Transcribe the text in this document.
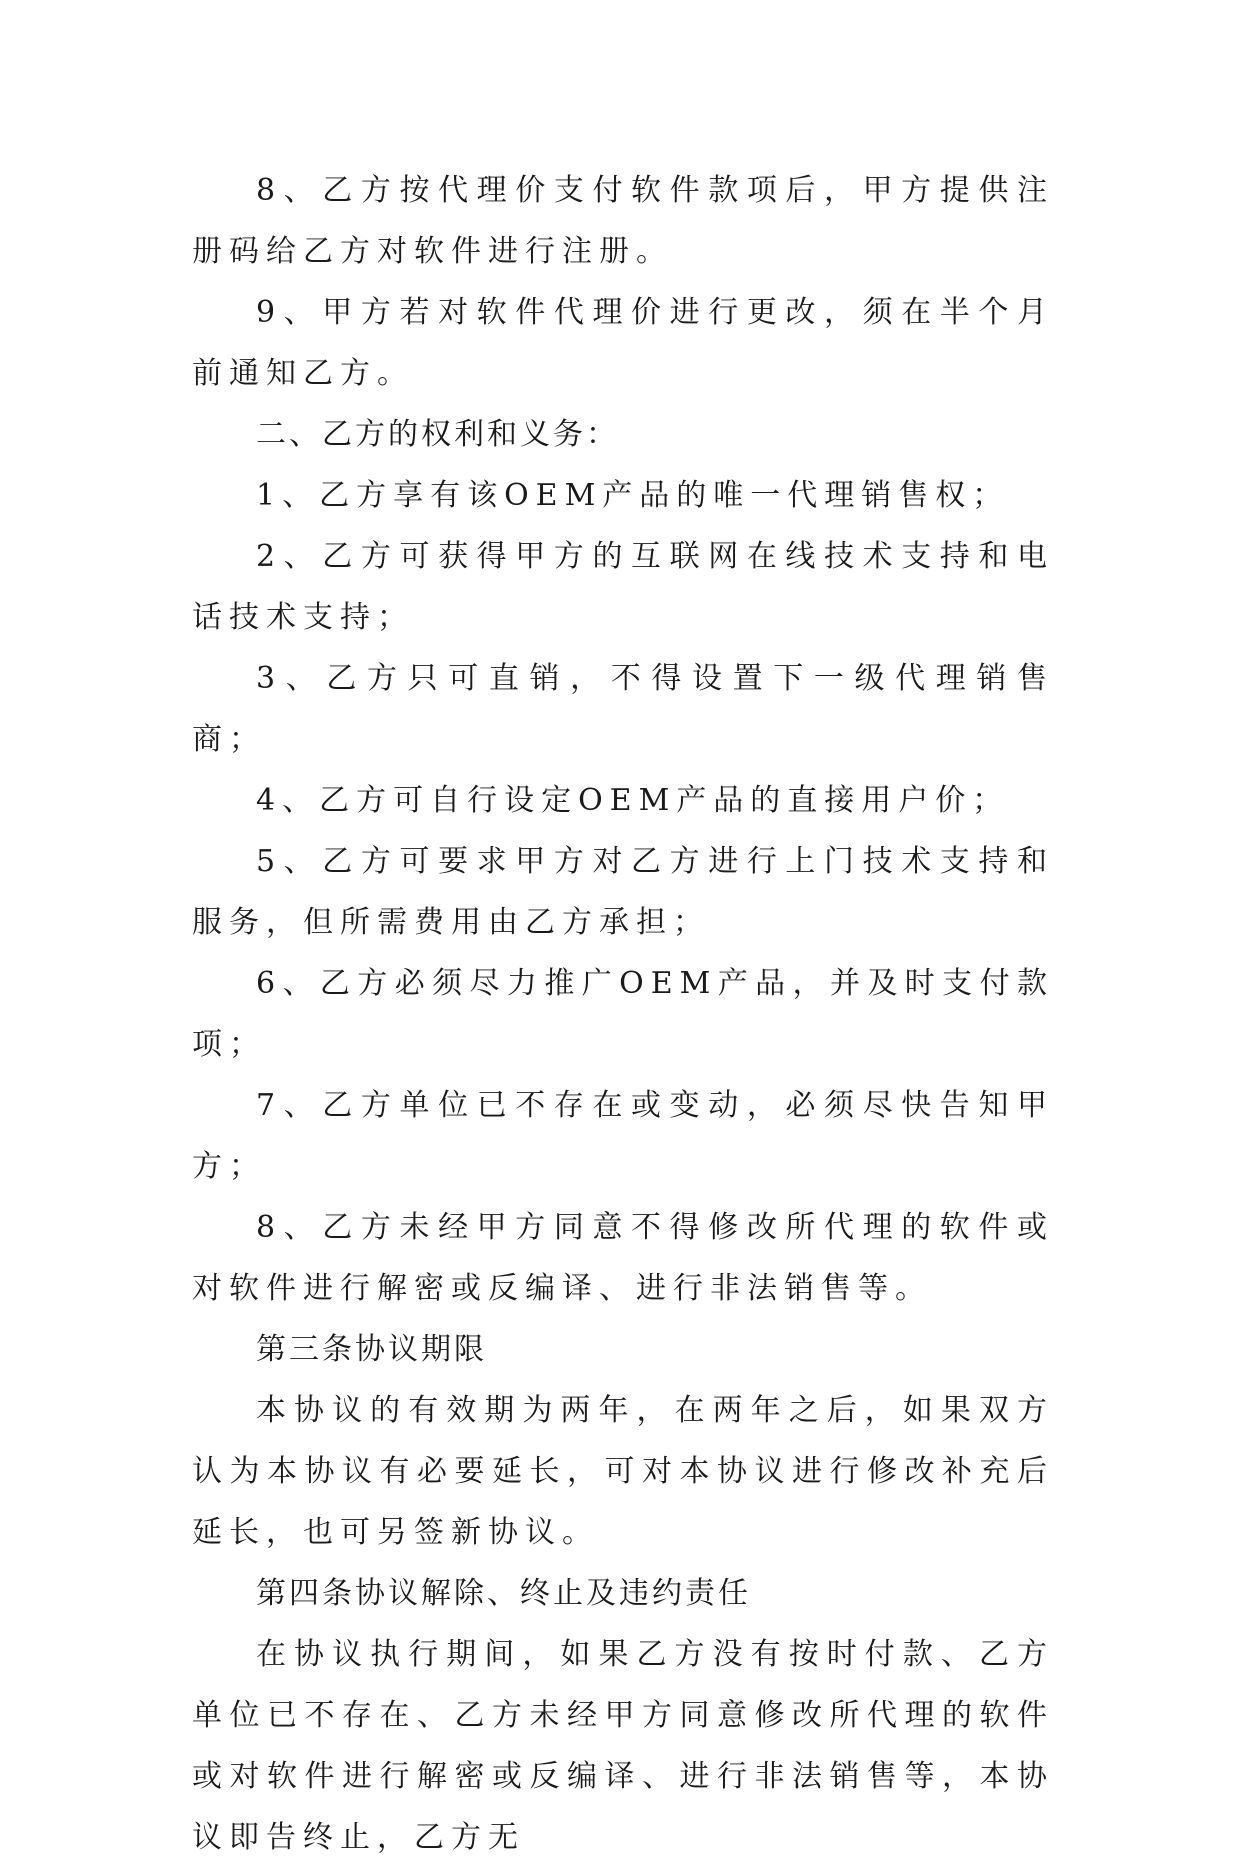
8、乙方按代理价支付软件款项后，甲方提供注册码给乙方对软件进行注册。

9、甲方若对软件代理价进行更改，须在半个月前通知乙方。

二、乙方的权利和义务：

1、乙方享有该OEM产品的唯一代理销售权；

2、乙方可获得甲方的互联网在线技术支持和电话技术支持；

3、乙方只可直销，不得设置下一级代理销售商；

4、乙方可自行设定OEM产品的直接用户价；

5、乙方可要求甲方对乙方进行上门技术支持和服务，但所需费用由乙方承担；

6、乙方必须尽力推广OEM产品，并及时支付款项；

7、乙方单位已不存在或变动，必须尽快告知甲方；

8、乙方未经甲方同意不得修改所代理的软件或对软件进行解密或反编译、进行非法销售等。

第三条协议期限

本协议的有效期为两年，在两年之后，如果双方认为本协议有必要延长，可对本协议进行修改补充后延长，也可另签新协议。

第四条协议解除、终止及违约责任

在协议执行期间，如果乙方没有按时付款、乙方单位已不存在、乙方未经甲方同意修改所代理的软件或对软件进行解密或反编译、进行非法销售等，本协议即告终止，乙方无
